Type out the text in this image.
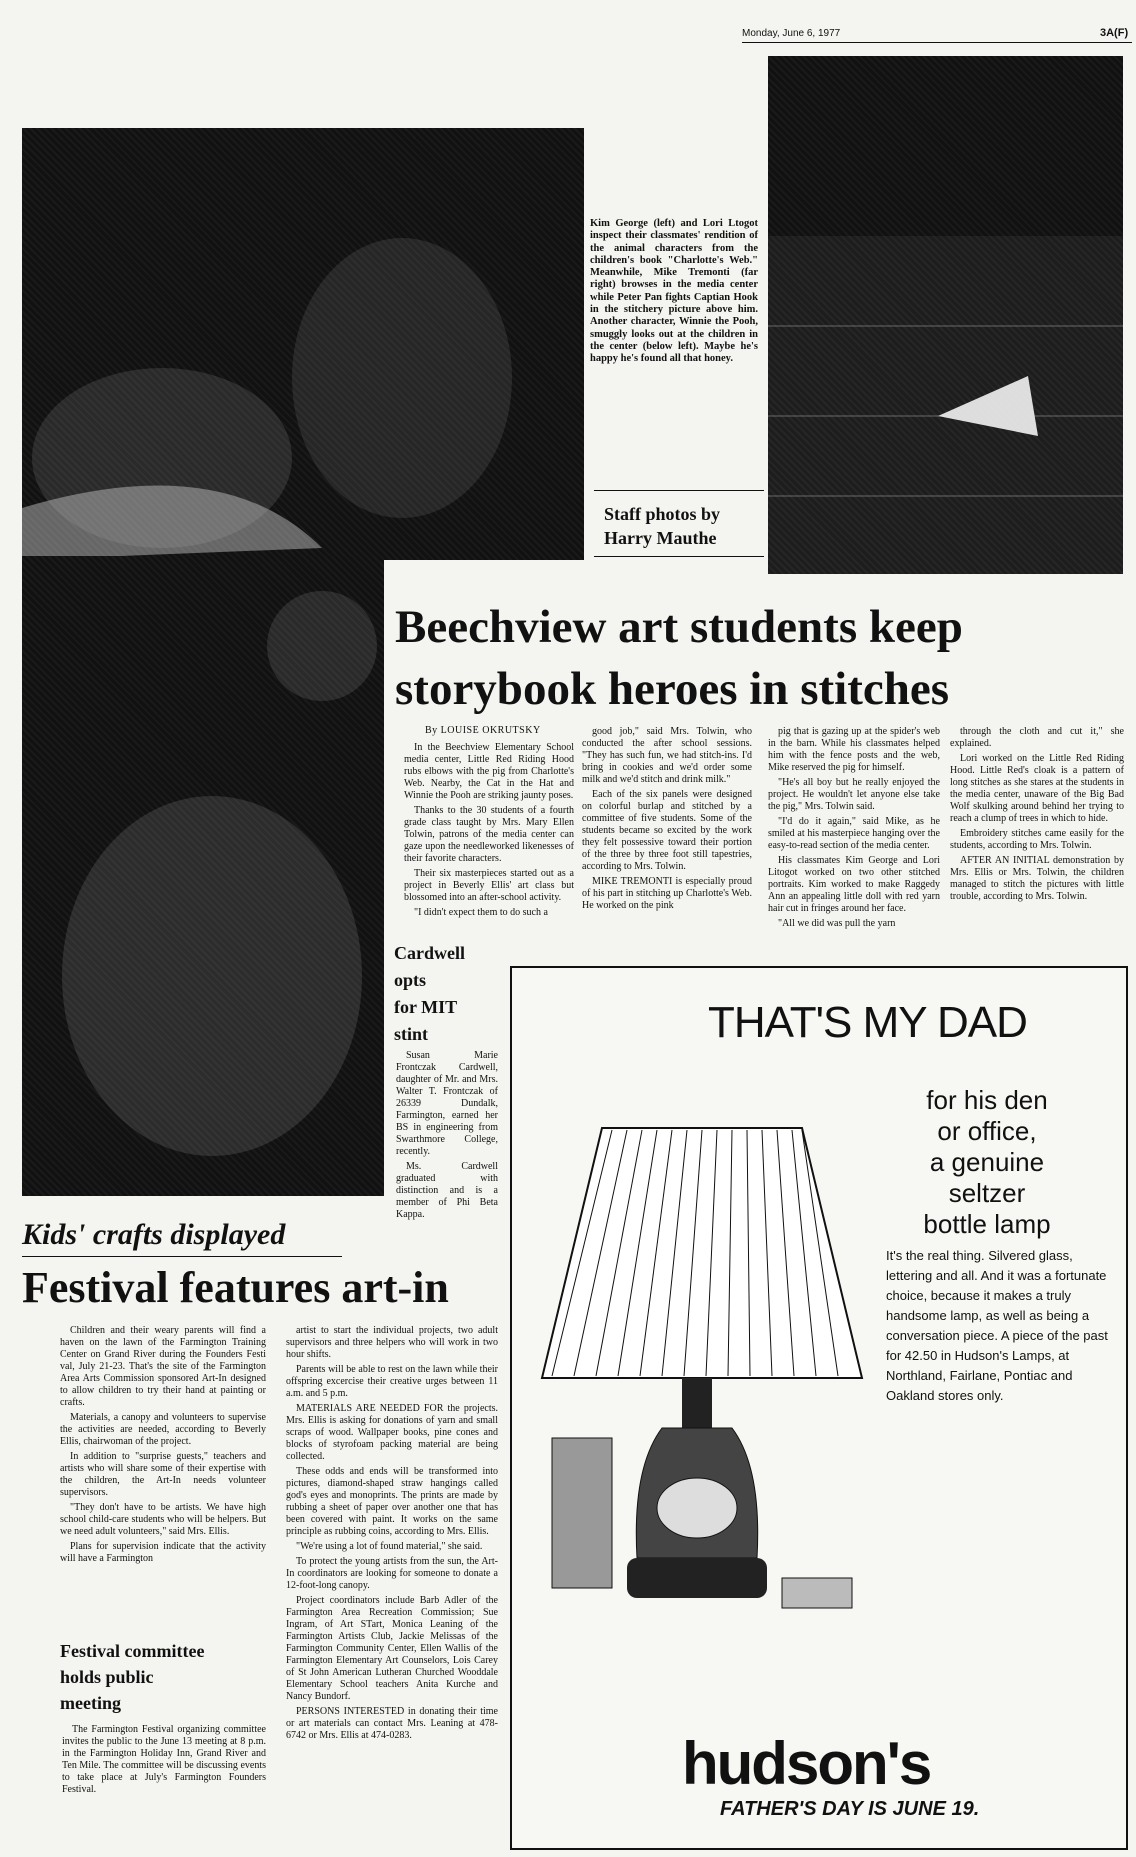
Monday, June 6, 1977	3A(F)
Kim George (left) and Lori Ltogot inspect their classmates' rendition of the animal characters from the children's book "Charlotte's Web." Meanwhile, Mike Tremonti (far right) browses in the media center while Peter Pan fights Captian Hook in the stitchery picture above him. Another character, Winnie the Pooh, smuggly looks out at the children in the center (below left). Maybe he's happy he's found all that honey.
Staff photos by
Harry Mauthe
Beechview art students keep
storybook heroes in stitches
By LOUISE OKRUTSKY

In the Beechview Elementary School media center, Little Red Riding Hood rubs elbows with the pig from Charlotte's Web. Nearby, the Cat in the Hat and Winnie the Pooh are striking jaunty poses.

Thanks to the 30 students of a fourth grade class taught by Mrs. Mary Ellen Tolwin, patrons of the media center can gaze upon the needleworked likenesses of their favorite characters.

Their six masterpieces started out as a project in Beverly Ellis' art class but blossomed into an after-school activity.

"I didn't expect them to do such a

good job," said Mrs. Tolwin, who conducted the after school sessions. "They has such fun, we had stitch-ins. I'd bring in cookies and we'd order some milk and we'd stitch and drink milk."

Each of the six panels were designed on colorful burlap and stitched by a committee of five students. Some of the students became so excited by the work they felt possessive toward their portion of the three by three foot still tapestries, according to Mrs. Tolwin.

MIKE TREMONTI is especially proud of his part in stitching up Charlotte's Web. He worked on the pink

pig that is gazing up at the spider's web in the barn. While his classmates helped him with the fence posts and the web, Mike reserved the pig for himself.

"He's all boy but he really enjoyed the project. He wouldn't let anyone else take the pig," Mrs. Tolwin said.

"I'd do it again," said Mike, as he smiled at his masterpiece hanging over the easy-to-read section of the media center.

His classmates Kim George and Lori Litogot worked on two other stitched portraits. Kim worked to make Raggedy Ann an appealing little doll with red yarn hair cut in fringes around her face.

"All we did was pull the yarn

through the cloth and cut it," she explained.

Lori worked on the Little Red Riding Hood. Little Red's cloak is a pattern of long stitches as she stares at the students in the media center, unaware of the Big Bad Wolf skulking around behind her trying to reach a clump of trees in which to hide.

Embroidery stitches came easily for the students, according to Mrs. Tolwin.

AFTER AN INITIAL demonstration by Mrs. Ellis or Mrs. Tolwin, the children managed to stitch the pictures with little trouble, according to Mrs. Tolwin.

Cardwell
opts
for MIT
stint

Susan Marie Frontczak Cardwell, daughter of Mr. and Mrs. Walter T. Frontczak of 26339 Dundalk, Farmington, earned her BS in engineering from Swarthmore College, recently.

Ms. Cardwell graduated with distinction and is a member of Phi Beta Kappa.

Kids' crafts displayed
Festival features art-in

Children and their weary parents will find a haven on the lawn of the Farmington Training Center on Grand River during the Founders Festi val, July 21-23. That's the site of the Farmington Area Arts Commission sponsored Art-In designed to allow children to try their hand at painting or crafts.

Materials, a canopy and volunteers to supervise the activities are needed, according to Beverly Ellis, chairwoman of the project.

In addition to "surprise guests," teachers and artists who will share some of their expertise with the children, the Art-In needs volunteer supervisors.

"They don't have to be artists. We have high school child-care students who will be helpers. But we need adult volunteers," said Mrs. Ellis.

Plans for supervision indicate that the activity will have a Farmington

artist to start the individual projects, two adult supervisors and three helpers who will work in two hour shifts.

Parents will be able to rest on the lawn while their offspring excercise their creative urges between 11 a.m. and 5 p.m.

MATERIALS ARE NEEDED FOR the projects. Mrs. Ellis is asking for donations of yarn and small scraps of wood. Wallpaper books, pine cones and blocks of styrofoam packing material are being collected.

These odds and ends will be transformed into pictures, diamond-shaped straw hangings called god's eyes and monoprints. The prints are made by rubbing a sheet of paper over another one that has been covered with paint. It works on the same principle as rubbing coins, according to Mrs. Ellis.

"We're using a lot of found material," she said.

To protect the young artists from the sun, the Art-In coordinators are looking for someone to donate a 12-foot-long canopy.

Project coordinators include Barb Adler of the Farmington Area Recreation Commission; Sue Ingram, of Art STart, Monica Leaning of the Farmington Artists Club, Jackie Melissas of the Farmington Community Center, Ellen Wallis of the Farmington Elementary Art Counselors, Lois Carey of St John American Lutheran Churched Wooddale Elementary School teachers Anita Kurche and Nancy Bundorf.

PERSONS INTERESTED in donating their time or art materials can contact Mrs. Leaning at 478-6742 or Mrs. Ellis at 474-0283.

Festival committee
holds public
meeting

The Farmington Festival organizing committee invites the public to the June 13 meeting at 8 p.m. in the Farmington Holiday Inn, Grand River and Ten Mile. The committee will be discussing events to take place at July's Farmington Founders Festival.

THAT'S MY DAD
for his den
or office,
a genuine
seltzer
bottle lamp
It's the real thing. Silvered glass, lettering and all. And it was a fortunate choice, because it makes a truly handsome lamp, as well as being a conversation piece. A piece of the past for 42.50 in Hudson's Lamps, at Northland, Fairlane, Pontiac and Oakland stores only.
hudson's
FATHER'S DAY IS JUNE 19.
